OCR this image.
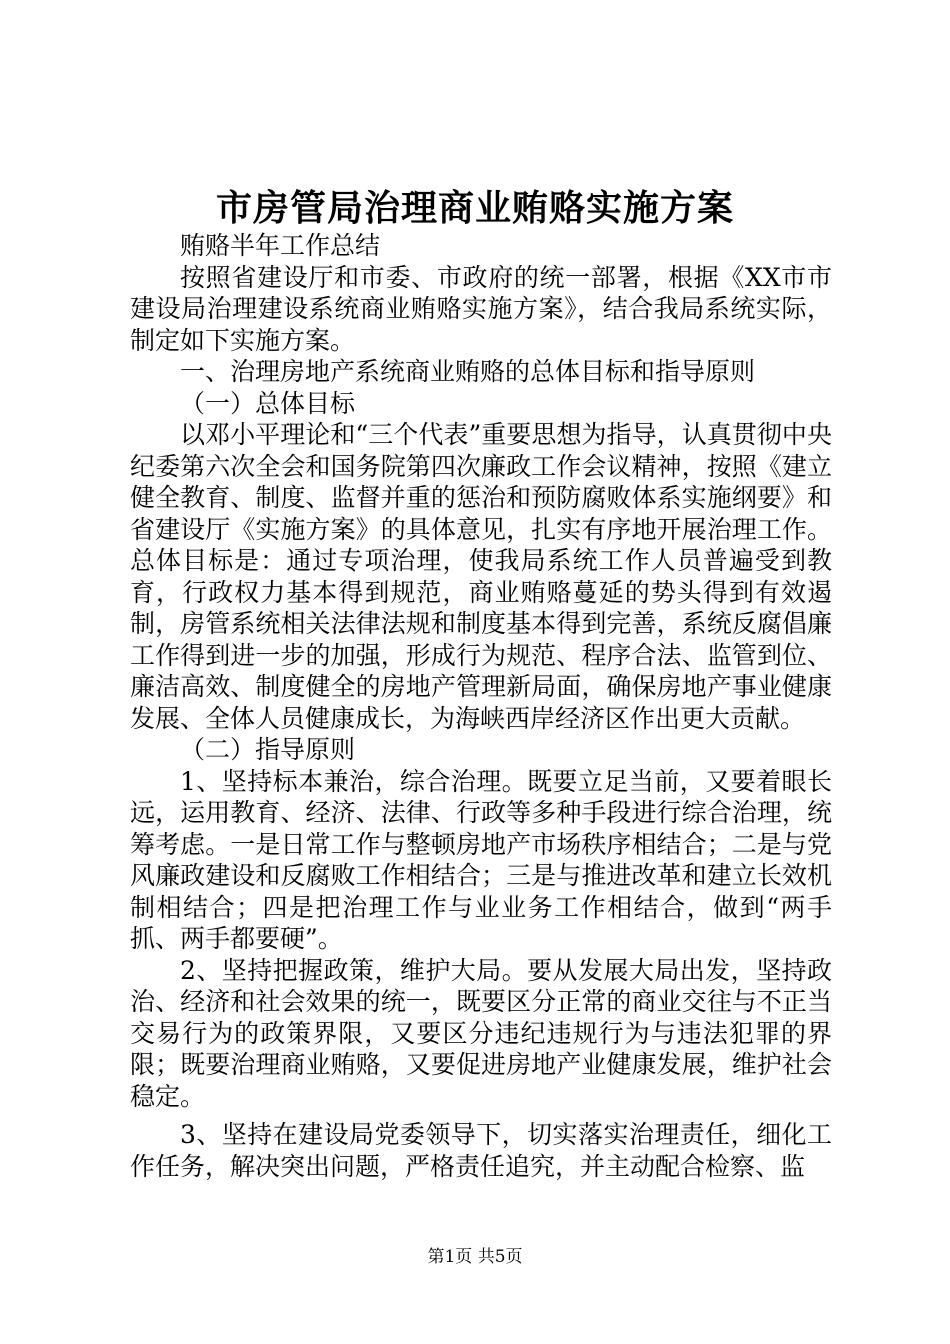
市房管局治理商业贿赂实施方案

贿赂半年工作总结

按照省建设厅和市委、市政府的统一部署，根据《XX市市建设局治理建设系统商业贿赂实施方案》，结合我局系统实际，制定如下实施方案。

一、治理房地产系统商业贿赂的总体目标和指导原则

（一）总体目标

以邓小平理论和“三个代表”重要思想为指导，认真贯彻中央纪委第六次全会和国务院第四次廉政工作会议精神，按照《建立健全教育、制度、监督并重的惩治和预防腐败体系实施纲要》和省建设厅《实施方案》的具体意见，扎实有序地开展治理工作。总体目标是：通过专项治理，使我局系统工作人员普遍受到教育，行政权力基本得到规范，商业贿赂蔓延的势头得到有效遏制，房管系统相关法律法规和制度基本得到完善，系统反腐倡廉工作得到进一步的加强，形成行为规范、程序合法、监管到位、廉洁高效、制度健全的房地产管理新局面，确保房地产事业健康发展、全体人员健康成长，为海峡西岸经济区作出更大贡献。

（二）指导原则

1、坚持标本兼治，综合治理。既要立足当前，又要着眼长远，运用教育、经济、法律、行政等多种手段进行综合治理，统筹考虑。一是日常工作与整顿房地产市场秩序相结合；二是与党风廉政建设和反腐败工作相结合；三是与推进改革和建立长效机制相结合；四是把治理工作与业业务工作相结合，做到“两手抓、两手都要硬”。

2、坚持把握政策，维护大局。要从发展大局出发，坚持政治、经济和社会效果的统一，既要区分正常的商业交往与不正当交易行为的政策界限，又要区分违纪违规行为与违法犯罪的界限；既要治理商业贿赂，又要促进房地产业健康发展，维护社会稳定。

3、坚持在建设局党委领导下，切实落实治理责任，细化工作任务，解决突出问题，严格责任追究，并主动配合检察、监

第1页 共5页
